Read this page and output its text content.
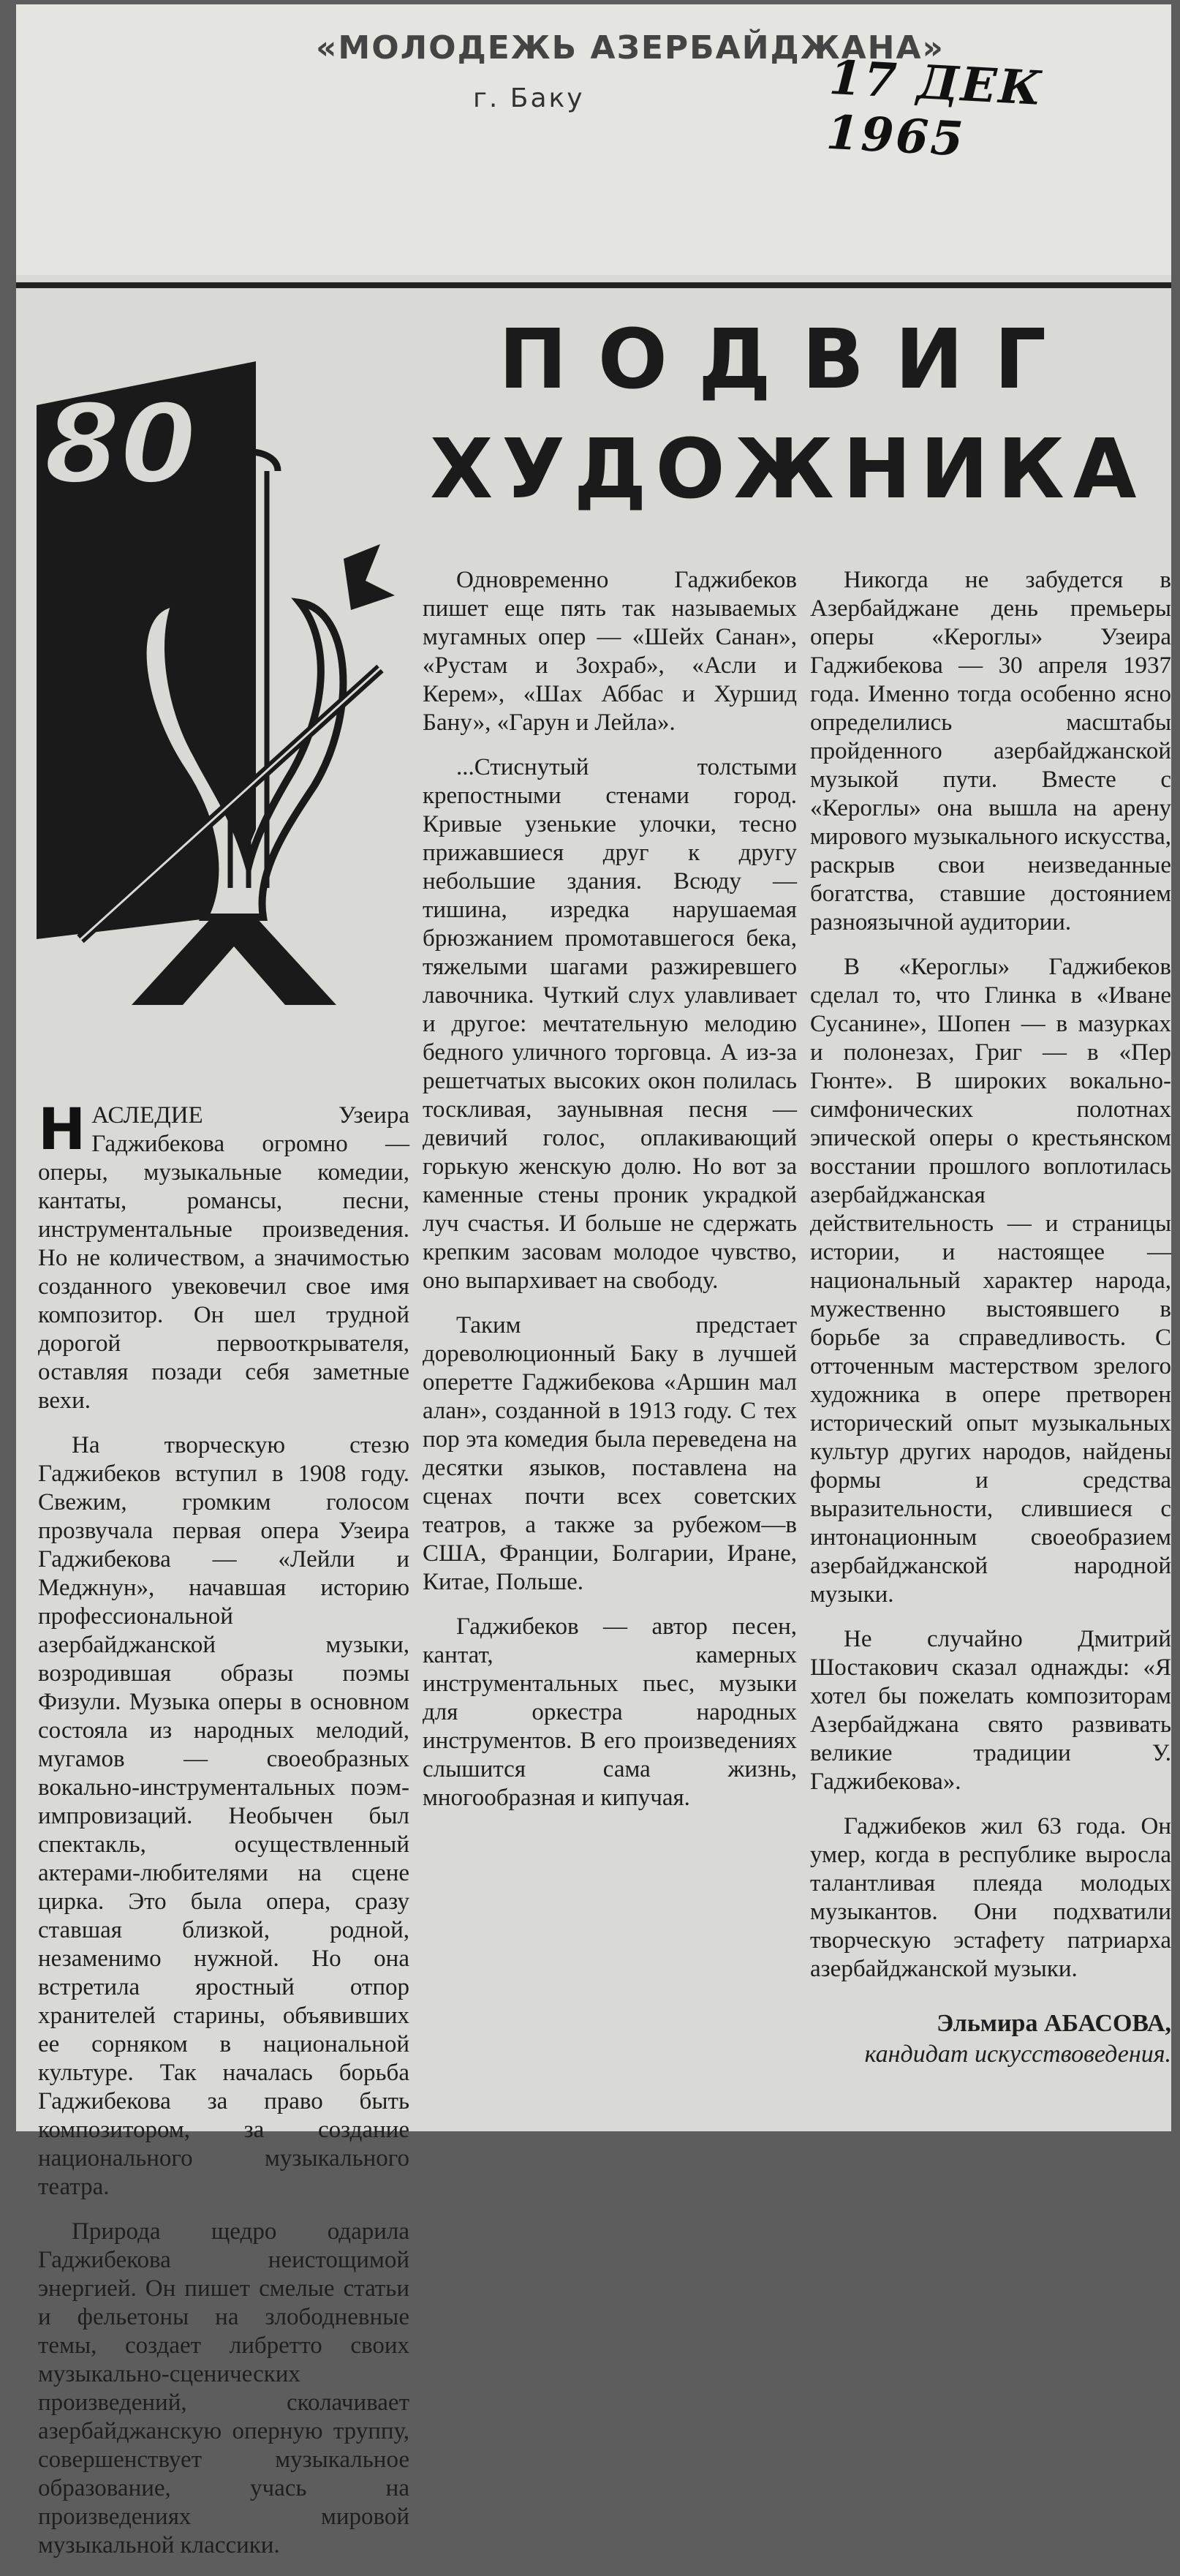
«МОЛОДЕЖЬ АЗЕРБАЙДЖАНА»
г. Баку	17 ДЕК 1965
ПОДВИГ
ХУДОЖНИКА
80

НАСЛЕДИЕ Узеира Гаджибекова огромно — оперы, музыкальные комедии, кантаты, романсы, песни, инструментальные произведения. Но не количеством, а значимостью созданного увековечил свое имя композитор. Он шел трудной дорогой первооткрывателя, оставляя позади себя заметные вехи.

На творческую стезю Гаджибеков вступил в 1908 году. Свежим, громким голосом прозвучала первая опера Узеира Гаджибекова — «Лейли и Меджнун», начавшая историю профессиональной азербайджанской музыки, возродившая образы поэмы Физули. Музыка оперы в основном состояла из народных мелодий, мугамов — своеобразных вокально-инструментальных поэм-импровизаций. Необычен был спектакль, осуществленный актерами-любителями на сцене цирка. Это была опера, сразу ставшая близкой, родной, незаменимо нужной. Но она встретила яростный отпор хранителей старины, объявивших ее сорняком в национальной культуре. Так началась борьба Гаджибекова за право быть композитором, за создание национального музыкального театра.

Природа щедро одарила Гаджибекова неистощимой энергией. Он пишет смелые статьи и фельетоны на злободневные темы, создает либретто своих музыкально-сценических произведений, сколачивает азербайджанскую оперную труппу, совершенствует музыкальное образование, учась на произведениях мировой музыкальной классики.

Одновременно Гаджибеков пишет еще пять так называемых мугамных опер — «Шейх Санан», «Рустам и Зохраб», «Асли и Керем», «Шах Аббас и Хуршид Бану», «Гарун и Лейла».

...Стиснутый толстыми крепостными стенами город. Кривые узенькие улочки, тесно прижавшиеся друг к другу небольшие здания. Всюду — тишина, изредка нарушаемая брюзжанием промотавшегося бека, тяжелыми шагами разжиревшего лавочника. Чуткий слух улавливает и другое: мечтательную мелодию бедного уличного торговца. А из-за решетчатых высоких окон полилась тоскливая, заунывная песня — девичий голос, оплакивающий горькую женскую долю. Но вот за каменные стены проник украдкой луч счастья. И больше не сдержать крепким засовам молодое чувство, оно выпархивает на свободу.

Таким предстает дореволюционный Баку в лучшей оперетте Гаджибекова «Аршин мал алан», созданной в 1913 году. С тех пор эта комедия была переведена на десятки языков, поставлена на сценах почти всех советских театров, а также за рубежом—в США, Франции, Болгарии, Иране, Китае, Польше.

Гаджибеков — автор песен, кантат, камерных инструментальных пьес, музыки для оркестра народных инструментов. В его произведениях слышится сама жизнь, многообразная и кипучая.

Никогда не забудется в Азербайджане день премьеры оперы «Кероглы» Узеира Гаджибекова — 30 апреля 1937 года. Именно тогда особенно ясно определились масштабы пройденного азербайджанской музыкой пути. Вместе с «Кероглы» она вышла на арену мирового музыкального искусства, раскрыв свои неизведанные богатства, ставшие достоянием разноязычной аудитории.

В «Кероглы» Гаджибеков сделал то, что Глинка в «Иване Сусанине», Шопен — в мазурках и полонезах, Григ — в «Пер Гюнте». В широких вокально-симфонических полотнах эпической оперы о крестьянском восстании прошлого воплотилась азербайджанская действительность — и страницы истории, и настоящее — национальный характер народа, мужественно выстоявшего в борьбе за справедливость. С отточенным мастерством зрелого художника в опере претворен исторический опыт музыкальных культур других народов, найдены формы и средства выразительности, слившиеся с интонационным своеобразием азербайджанской народной музыки.

Не случайно Дмитрий Шостакович сказал однажды: «Я хотел бы пожелать композиторам Азербайджана свято развивать великие традиции У. Гаджибекова».

Гаджибеков жил 63 года. Он умер, когда в республике выросла талантливая плеяда молодых музыкантов. Они подхватили творческую эстафету патриарха азербайджанской музыки.

Эльмира АБАСОВА,
кандидат искусствоведения.
